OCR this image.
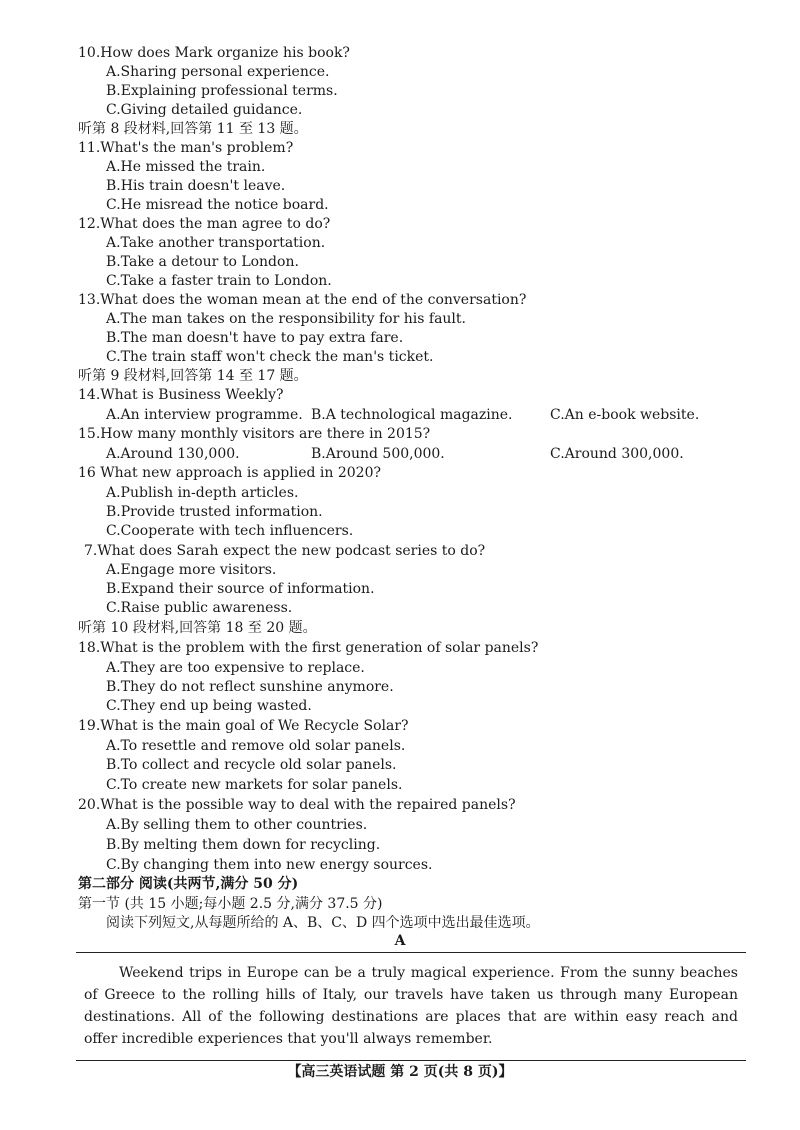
10.How does Mark organize his book?
A.Sharing personal experience.
B.Explaining professional terms.
C.Giving detailed guidance.
听第 8 段材料,回答第 11 至 13 题。
11.What's the man's problem?
A.He missed the train.
B.His train doesn't leave.
C.He misread the notice board.
12.What does the man agree to do?
A.Take another transportation.
B.Take a detour to London.
C.Take a faster train to London.
13.What does the woman mean at the end of the conversation?
A.The man takes on the responsibility for his fault.
B.The man doesn't have to pay extra fare.
C.The train staff won't check the man's ticket.
听第 9 段材料,回答第 14 至 17 题。
14.What is Business Weekly?
A.An interview programme. B.A technological magazine.	C.An e-book website.
15.How many monthly visitors are there in 2015?
A.Around 130,000.	B.Around 500,000.	C.Around 300,000.
16 What new approach is applied in 2020?
A.Publish in-depth articles.
B.Provide trusted information.
C.Cooperate with tech influencers.
7.What does Sarah expect the new podcast series to do?
A.Engage more visitors.
B.Expand their source of information.
C.Raise public awareness.
听第 10 段材料,回答第 18 至 20 题。
18.What is the problem with the first generation of solar panels?
A.They are too expensive to replace.
B.They do not reflect sunshine anymore.
C.They end up being wasted.
19.What is the main goal of We Recycle Solar?
A.To resettle and remove old solar panels.
B.To collect and recycle old solar panels.
C.To create new markets for solar panels.
20.What is the possible way to deal with the repaired panels?
A.By selling them to other countries.
B.By melting them down for recycling.
C.By changing them into new energy sources.
第二部分 阅读(共两节,满分 50 分)
第一节 (共 15 小题;每小题 2.5 分,满分 37.5 分)
阅读下列短文,从每题所给的 A、B、C、D 四个选项中选出最佳选项。
A
Weekend trips in Europe can be a truly magical experience. From the sunny beaches of Greece to the rolling hills of Italy, our travels have taken us through many European destinations. All of the following destinations are places that are within easy reach and offer incredible experiences that you'll always remember.
【高三英语试题 第 2 页(共 8 页)】
